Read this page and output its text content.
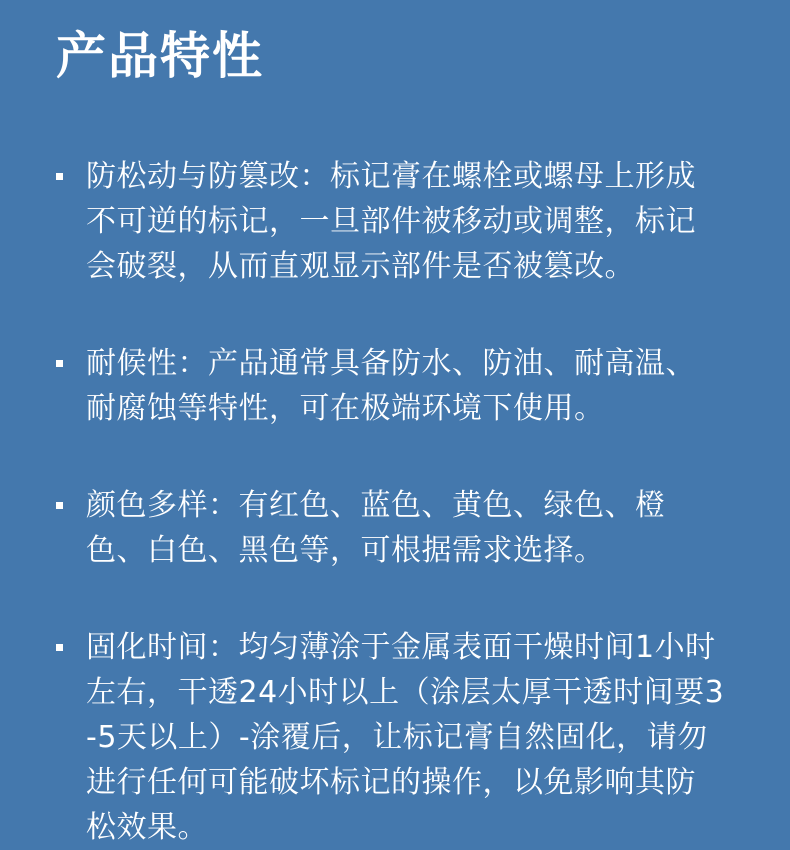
产品特性
防松动与防篡改：标记膏在螺栓或螺母上形成不可逆的标记，一旦部件被移动或调整，标记会破裂，从而直观显示部件是否被篡改。
耐候性：产品通常具备防水、防油、耐高温、耐腐蚀等特性，可在极端环境下使用。
颜色多样：有红色、蓝色、黄色、绿色、橙色、白色、黑色等，可根据需求选择。
固化时间：均匀薄涂于金属表面干燥时间1小时左右，干透24小时以上（涂层太厚干透时间要3-5天以上）-涂覆后，让标记膏自然固化，请勿进行任何可能破坏标记的操作，以免影响其防松效果。
